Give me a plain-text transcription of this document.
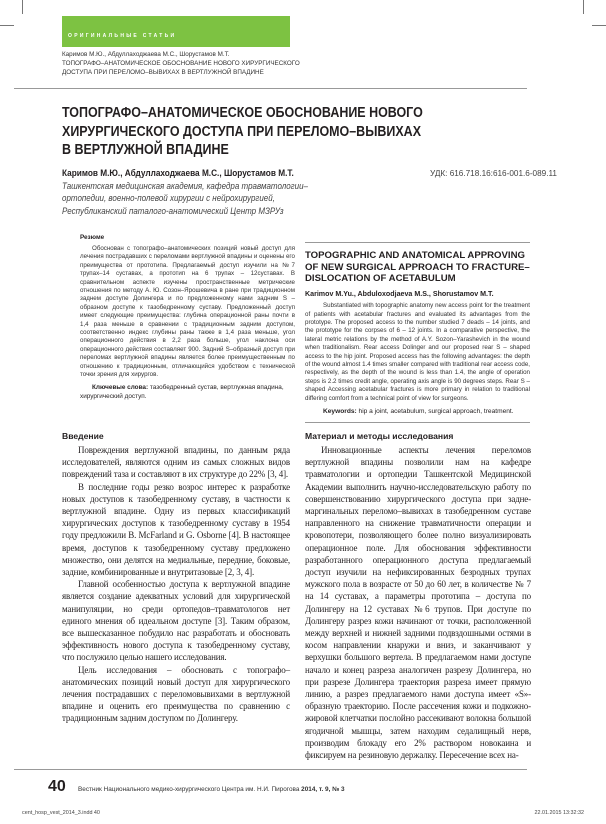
ОРИГИНАЛЬНЫЕ СТАТЬИ
Каримов М.Ю., Абдуллаходжаева М.С., Шорустамов М.Т.
ТОПОГРАФО–АНАТОМИЧЕСКОЕ ОБОСНОВАНИЕ НОВОГО ХИРУРГИЧЕСКОГО
ДОСТУПА ПРИ ПЕРЕЛОМО–ВЫВИХАХ В ВЕРТЛУЖНОЙ ВПАДИНЕ
ТОПОГРАФО–АНАТОМИЧЕСКОЕ ОБОСНОВАНИЕ НОВОГО ХИРУРГИЧЕСКОГО ДОСТУПА ПРИ ПЕРЕЛОМО–ВЫВИХАХ В ВЕРТЛУЖНОЙ ВПАДИНЕ
Каримов М.Ю., Абдуллаходжаева М.С., Шорустамов М.Т.
Ташкентская медицинская академия, кафедра травматологии–
ортопедии, военно-полевой хирургии с нейрохирургией,
Республиканский паталого-анатомический Центр МЗРУз
УДК: 616.718.16:616-001.6-089.11
Резюме
Обоснован с топографо–анатомических позиций новый доступ для лечения пострадавших с переломами вертлужной впадины и оценены его преимущества от прототипа. Предлагаемый доступ изучили на №7 трупах–14 суставах, а прототип на 6 трупах – 12суставах. В сравнительном аспекте изучены пространственные метрические отношения по методу А. Ю. Созон–Ярошевича в ране при традиционном заднем доступе Долингера и по предложенному нами задним S –образном доступе к тазобедренному суставу. Предложенный доступ имеет следующие преимущества: глубина операционной раны почти в 1,4 раза меньше в сравнении с традиционным задним доступом, соответственно индекс глубины раны также в 1,4 раза меньше, угол операционного действия в 2,2 раза больше, угол наклона оси операционного действия составляет 900. Задний S–образный доступ при переломах вертлужной впадины является более преимущественным по отношению к традиционным, отличающийся удобством с технической точки зрения для хирургов.
Ключевые слова: тазобедренный сустав, вертлужная впадина, хирургический доступ.
TOPOGRAPHIC AND ANATOMICAL APPROVING OF NEW SURGICAL APPROACH TO FRACTURE–DISLOCATION OF ACETABULUM
Karimov M.Yu., Abduloxodjaeva M.S., Shorustamov M.T.
Substantiated with topographic anatomy new access point for the treatment of patients with acetabular fractures and evaluated its advantages from the prototype. The proposed access to the number studied 7 deads – 14 joints, and the prototype for the corpses of 6 – 12 joints. In a comparative perspective, the lateral metric relations by the method of A.Y. Sozon–Yarashevich in the wound when traditionalism. Rear access Dolinger and our proposed rear S – shaped access to the hip joint. Proposed access has the following advantages: the depth of the wound almost 1.4 times smaller compared with traditional rear access code, respectively, as the depth of the wound is less than 1.4, the angle of operation steps is 2.2 times credit angle, operating axis angle is 90 degrees steps. Rear S – shaped Accessing acetabular fractures is more primary in relation to traditional differing comfort from a technical point of view for surgeons.
Keywords: hip a joint, acetabulum, surgical approach, treatment.
Введение

Повреждения вертлужной впадины, по данным ряда исследователей, являются одним из самых сложных видов повреждений таза и составляют в их структуре до 22% [3, 4].

В последние годы резко возрос интерес к разработке новых доступов к тазобедренному суставу, в частности к вертлужной впадине. Одну из первых классификаций хирургических доступов к тазобедренному суставу в 1954 году предложили B. McFarland и G. Osborne [4]. В настоящее время, доступов к тазобедренному суставу предложено множество, они делятся на медиальные, передние, боковые, задние, комбинированные и внутритазовые [2, 3, 4].

Главной особенностью доступа к вертлужной впадине является создание адекватных условий для хирургической манипуляции, но среди ортопедов–травматологов нет единого мнения об идеальном доступе [3]. Таким образом, все вышесказанное побудило нас разработать и обосновать эффективность нового доступа к тазобедренному суставу, что послужило целью нашего исследования.

Цель исследования – обосновать с топографо–анатомических позиций новый доступ для хирургического лечения пострадавших с переломовывихами в вертлужной впадине и оценить его преимущества по сравнению с традиционным задним доступом по Долингеру.

Материал и методы исследования

Инновационные аспекты лечения переломов вертлужной впадины позволили нам на кафедре травматологии и ортопедии Ташкентской Медицинской Академии выполнить научно-исследовательскую работу по совершенствованию хирургического доступа при задне-маргинальных переломо–вывихах в тазобедренном суставе направленного на снижение травматичности операции и кровопотери, позволяющего более полно визуализировать операционное поле. Для обоснования эффективности разработанного операционного доступа предлагаемый доступ изучили на нефиксированных безродных трупах мужского пола в возрасте от 50 до 60 лет, в количестве № 7 на 14 суставах, а параметры прототипа – доступа по Долингеру на 12 суставах №6 трупов. При доступе по Долингеру разрез кожи начинают от точки, расположенной между верхней и нижней задними подвздошными остями в косом направлении кнаружи и вниз, и заканчивают у верхушки большого вертела. В предлагаемом нами доступе начало и конец разреза аналогичен разрезу Долингера, но при разрезе Долингера траектория разреза имеет прямую линию, а разрез предлагаемого нами доступа имеет «S»-образную траекторию. После рассечения кожи и подкожно-жировой клетчатки послойно рассекивают волокна большой ягодичной мышцы, затем находим седалищный нерв, производим блокаду его 2% раствором новокаина и фиксируем на резиновую держалку. Пересечение всех на-

40	Вестник Национального медико-хирургического Центра им. Н.И. Пирогова 2014, т. 9, № 3
cent_hosp_vest_2014_3.indd 40	22.01.2015 13:32:32
